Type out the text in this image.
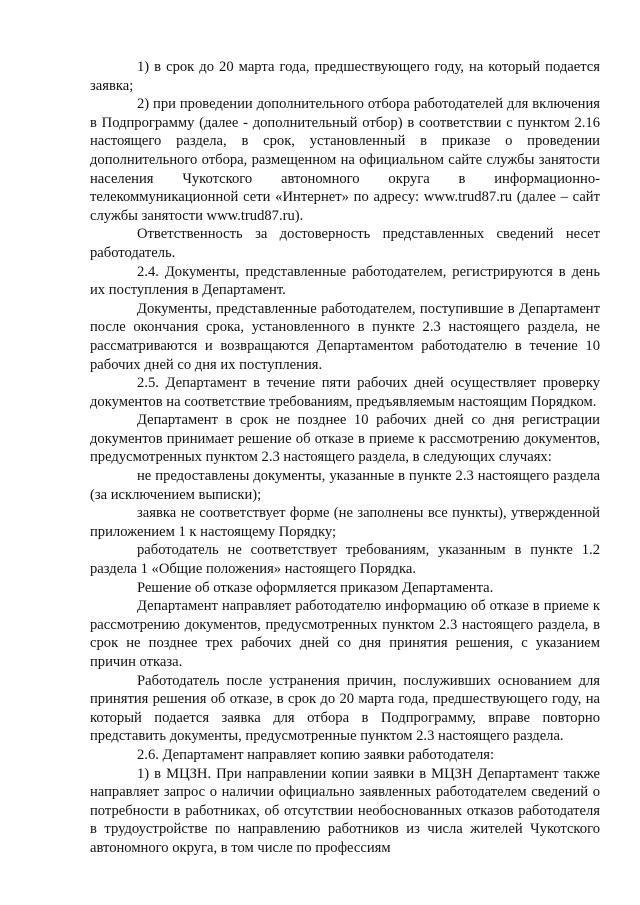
1) в срок до 20 марта года, предшествующего году, на который подается заявка;

2) при проведении дополнительного отбора работодателей для включения в Подпрограмму (далее - дополнительный отбор) в соответствии с пунктом 2.16 настоящего раздела, в срок, установленный в приказе о проведении дополнительного отбора, размещенном на официальном сайте службы занятости населения Чукотского автономного округа в информационно-телекоммуникационной сети «Интернет» по адресу: www.trud87.ru (далее – сайт службы занятости www.trud87.ru).

Ответственность за достоверность представленных сведений несет работодатель.

2.4. Документы, представленные работодателем, регистрируются в день их поступления в Департамент.

Документы, представленные работодателем, поступившие в Департамент после окончания срока, установленного в пункте 2.3 настоящего раздела, не рассматриваются и возвращаются Департаментом работодателю в течение 10 рабочих дней со дня их поступления.

2.5. Департамент в течение пяти рабочих дней осуществляет проверку документов на соответствие требованиям, предъявляемым настоящим Порядком.

Департамент в срок не позднее 10 рабочих дней со дня регистрации документов принимает решение об отказе в приеме к рассмотрению документов, предусмотренных пунктом 2.3 настоящего раздела, в следующих случаях:

не предоставлены документы, указанные в пункте 2.3 настоящего раздела (за исключением выписки);

заявка не соответствует форме (не заполнены все пункты), утвержденной приложением 1 к настоящему Порядку;

работодатель не соответствует требованиям, указанным в пункте 1.2 раздела 1 «Общие положения» настоящего Порядка.

Решение об отказе оформляется приказом Департамента.

Департамент направляет работодателю информацию об отказе в приеме к рассмотрению документов, предусмотренных пунктом 2.3 настоящего раздела, в срок не позднее трех рабочих дней со дня принятия решения, с указанием причин отказа.

Работодатель после устранения причин, послуживших основанием для принятия решения об отказе, в срок до 20 марта года, предшествующего году, на который подается заявка для отбора в Подпрограмму, вправе повторно представить документы, предусмотренные пунктом 2.3 настоящего раздела.

2.6. Департамент направляет копию заявки работодателя:

1) в МЦЗН. При направлении копии заявки в МЦЗН Департамент также направляет запрос о наличии официально заявленных работодателем сведений о потребности в работниках, об отсутствии необоснованных отказов работодателя в трудоустройстве по направлению работников из числа жителей Чукотского автономного округа, в том числе по профессиям
